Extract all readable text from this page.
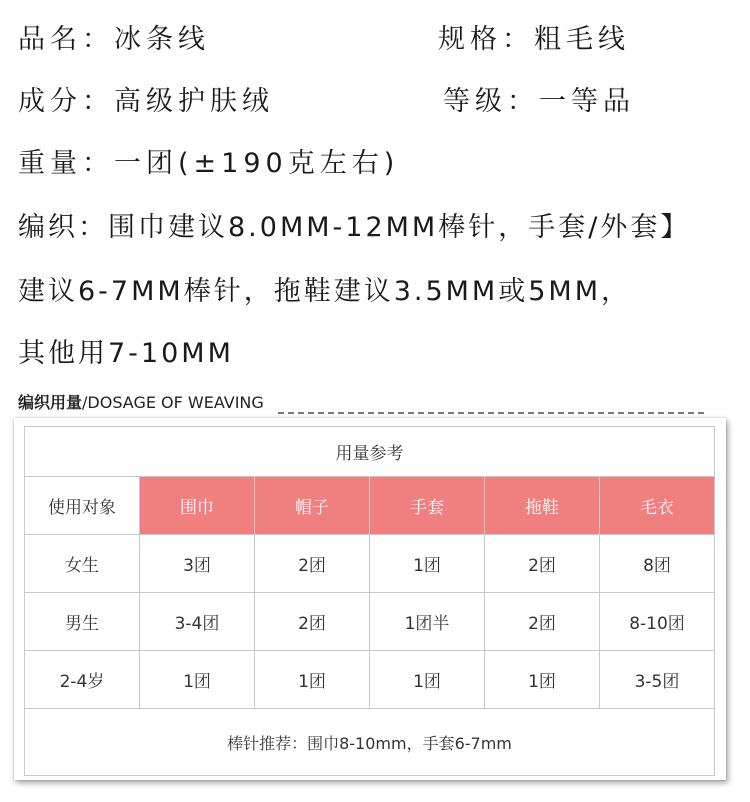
品名：冰条线	规格：粗毛线
成分：高级护肤绒	等级：一等品
重量：一团(±190克左右)
编织：围巾建议8.0MM-12MM棒针，手套/外套】
建议6-7MM棒针，拖鞋建议3.5MM或5MM，
其他用7-10MM
编织用量/DOSAGE OF WEAVING
用量参考					
使用对象	围巾	帽子	手套	拖鞋	毛衣
女生	3团	2团	1团	2团	8团
男生	3-4团	2团	1团半	2团	8-10团
2-4岁	1团	1团	1团	1团	3-5团
棒针推荐：围巾8-10mm，手套6-7mm					
